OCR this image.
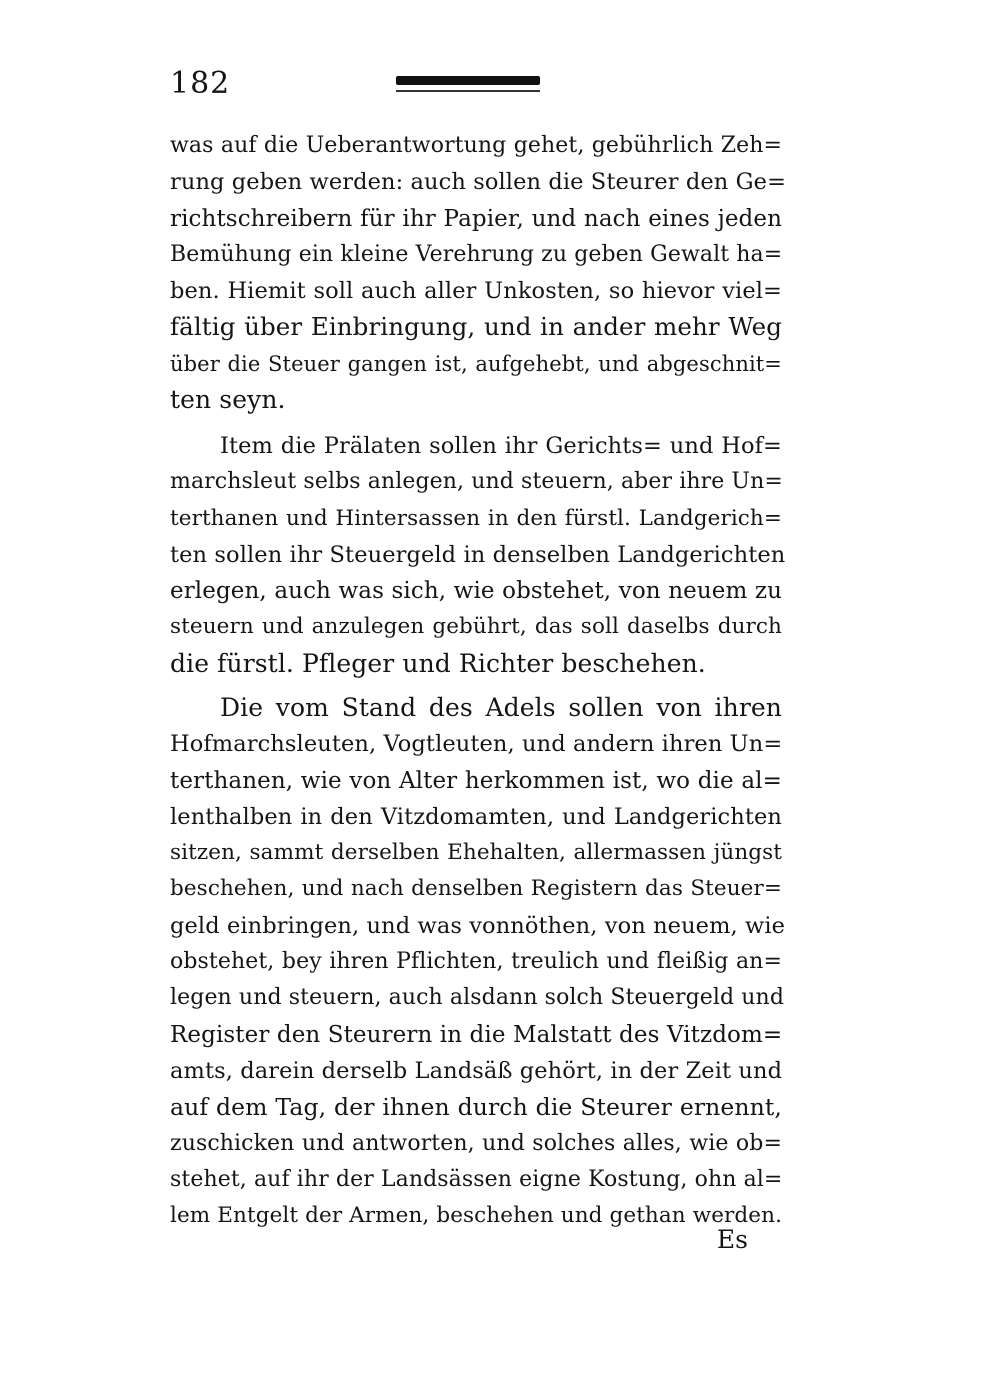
182
was auf die Ueberantwortung gehet, gebührlich Zeh=
rung geben werden: auch sollen die Steurer den Ge=
richtschreibern für ihr Papier, und nach eines jeden
Bemühung ein kleine Verehrung zu geben Gewalt ha=
ben. Hiemit soll auch aller Unkosten, so hievor viel=
fältig über Einbringung, und in ander mehr Weg
über die Steuer gangen ist, aufgehebt, und abgeschnit=
ten seyn.
Item die Prälaten sollen ihr Gerichts= und Hof=
marchsleut selbs anlegen, und steuern, aber ihre Un=
terthanen und Hintersassen in den fürstl. Landgerich=
ten sollen ihr Steuergeld in denselben Landgerichten
erlegen, auch was sich, wie obstehet, von neuem zu
steuern und anzulegen gebührt, das soll daselbs durch
die fürstl. Pfleger und Richter beschehen.
Die vom Stand des Adels sollen von ihren
Hofmarchsleuten, Vogtleuten, und andern ihren Un=
terthanen, wie von Alter herkommen ist, wo die al=
lenthalben in den Vitzdomamten, und Landgerichten
sitzen, sammt derselben Ehehalten, allermassen jüngst
beschehen, und nach denselben Registern das Steuer=
geld einbringen, und was vonnöthen, von neuem, wie
obstehet, bey ihren Pflichten, treulich und fleißig an=
legen und steuern, auch alsdann solch Steuergeld und
Register den Steurern in die Malstatt des Vitzdom=
amts, darein derselb Landsäß gehört, in der Zeit und
auf dem Tag, der ihnen durch die Steurer ernennt,
zuschicken und antworten, und solches alles, wie ob=
stehet, auf ihr der Landsässen eigne Kostung, ohn al=
lem Entgelt der Armen, beschehen und gethan werden.
Es
